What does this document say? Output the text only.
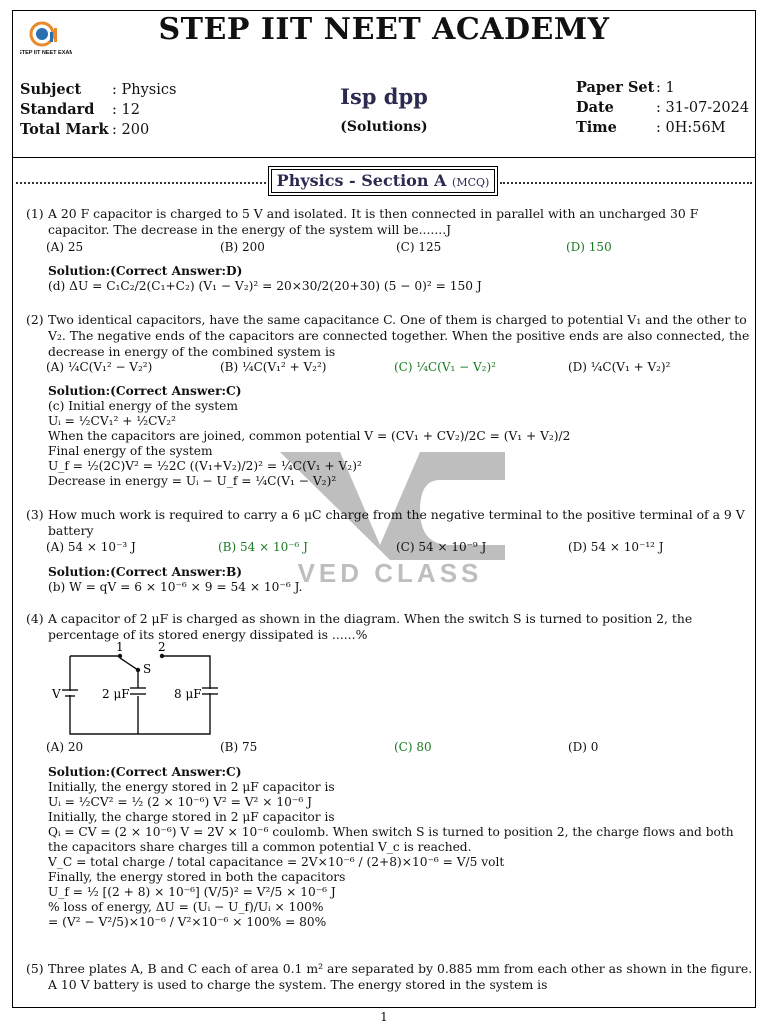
STEP IIT NEET EXAM
STEP IIT NEET ACADEMY
Subject : Physics
Standard : 12
Total Mark : 200
Isp dpp
(Solutions)
Paper Set : 1
Date	: 31-07-2024
Time	: 0H:56M
Physics - Section A (MCQ)
VED CLASS
(1) A 20 F capacitor is charged to 5 V and isolated. It is then connected in parallel with an uncharged 30 F capacitor. The decrease in the energy of the system will be.......J
(A) 25	(B) 200	(C) 125	(D) 150
Solution:(Correct Answer:D)
(d) ΔU = C₁C₂/2(C₁+C₂) (V₁ − V₂)² = 20×30/2(20+30) (5 − 0)² = 150 J
(2) Two identical capacitors, have the same capacitance C. One of them is charged to potential V₁ and the other to V₂. The negative ends of the capacitors are connected together. When the positive ends are also connected, the decrease in energy of the combined system is
(A) ¼C(V₁² − V₂²)	(B) ¼C(V₁² + V₂²)	(C) ¼C(V₁ − V₂)²	(D) ¼C(V₁ + V₂)²
Solution:(Correct Answer:C)
(c) Initial energy of the system
Uᵢ = ½CV₁² + ½CV₂²
When the capacitors are joined, common potential V = (CV₁ + CV₂)/2C = (V₁ + V₂)/2
Final energy of the system
U_f = ½(2C)V² = ½2C ((V₁+V₂)/2)² = ¼C(V₁ + V₂)²
Decrease in energy = Uᵢ − U_f = ¼C(V₁ − V₂)²
(3) How much work is required to carry a 6 μC charge from the negative terminal to the positive terminal of a 9 V battery
(A) 54 × 10⁻³ J	(B) 54 × 10⁻⁶ J	(C) 54 × 10⁻⁹ J	(D) 54 × 10⁻¹² J
Solution:(Correct Answer:B)
(b) W = qV = 6 × 10⁻⁶ × 9 = 54 × 10⁻⁶ J.
(4) A capacitor of 2 μF is charged as shown in the diagram. When the switch S is turned to position 2, the percentage of its stored energy dissipated is ......%
1	2
S
V	2 μF	8 μF
(A) 20	(B) 75	(C) 80	(D) 0
Solution:(Correct Answer:C)
Initially, the energy stored in 2 μF capacitor is
Uᵢ = ½CV² = ½ (2 × 10⁻⁶) V² = V² × 10⁻⁶ J
Initially, the charge stored in 2 μF capacitor is
Qᵢ = CV = (2 × 10⁻⁶) V = 2V × 10⁻⁶ coulomb. When switch S is turned to position 2, the charge flows and both the capacitors share charges till a common potential V_c is reached.
V_C = total charge / total capacitance = 2V×10⁻⁶ / (2+8)×10⁻⁶ = V/5 volt
Finally, the energy stored in both the capacitors
U_f = ½ [(2 + 8) × 10⁻⁶] (V/5)² = V²/5 × 10⁻⁶ J
% loss of energy, ΔU = (Uᵢ − U_f)/Uᵢ × 100%
= (V² − V²/5)×10⁻⁶ / V²×10⁻⁶ × 100% = 80%
(5) Three plates A, B and C each of area 0.1 m² are separated by 0.885 mm from each other as shown in the figure. A 10 V battery is used to charge the system. The energy stored in the system is
1
